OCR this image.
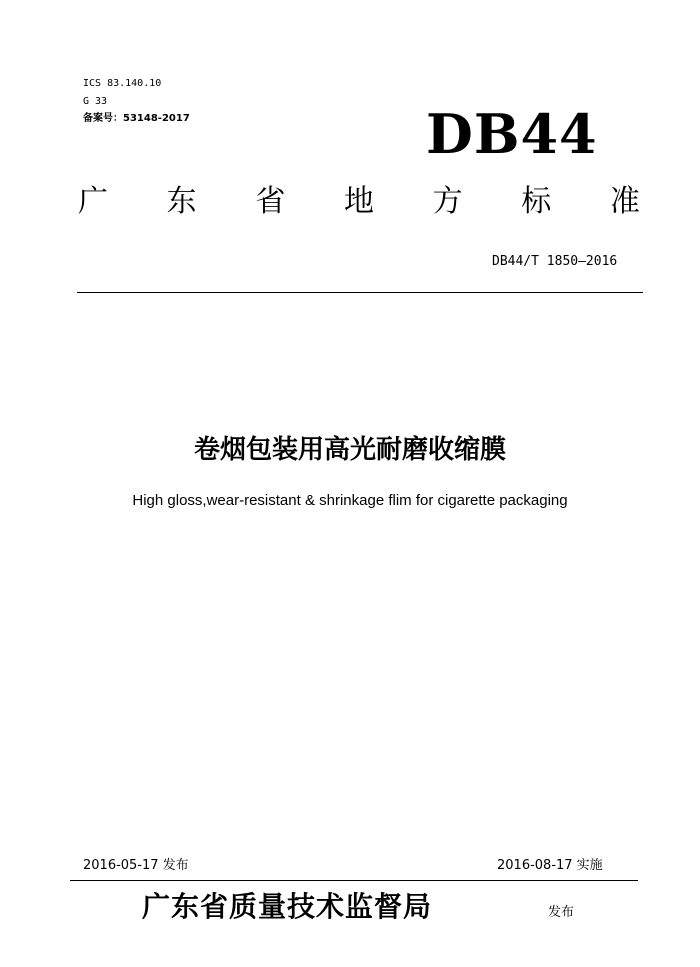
ICS 83.140.10
G 33
备案号：53148-2017	DB44
广 东 省 地 方 标 准
DB44/T 1850—2016
卷烟包装用高光耐磨收缩膜
High gloss,wear-resistant & shrinkage flim for cigarette packaging
2016-05-17 发布	2016-08-17 实施
广东省质量技术监督局	发布
